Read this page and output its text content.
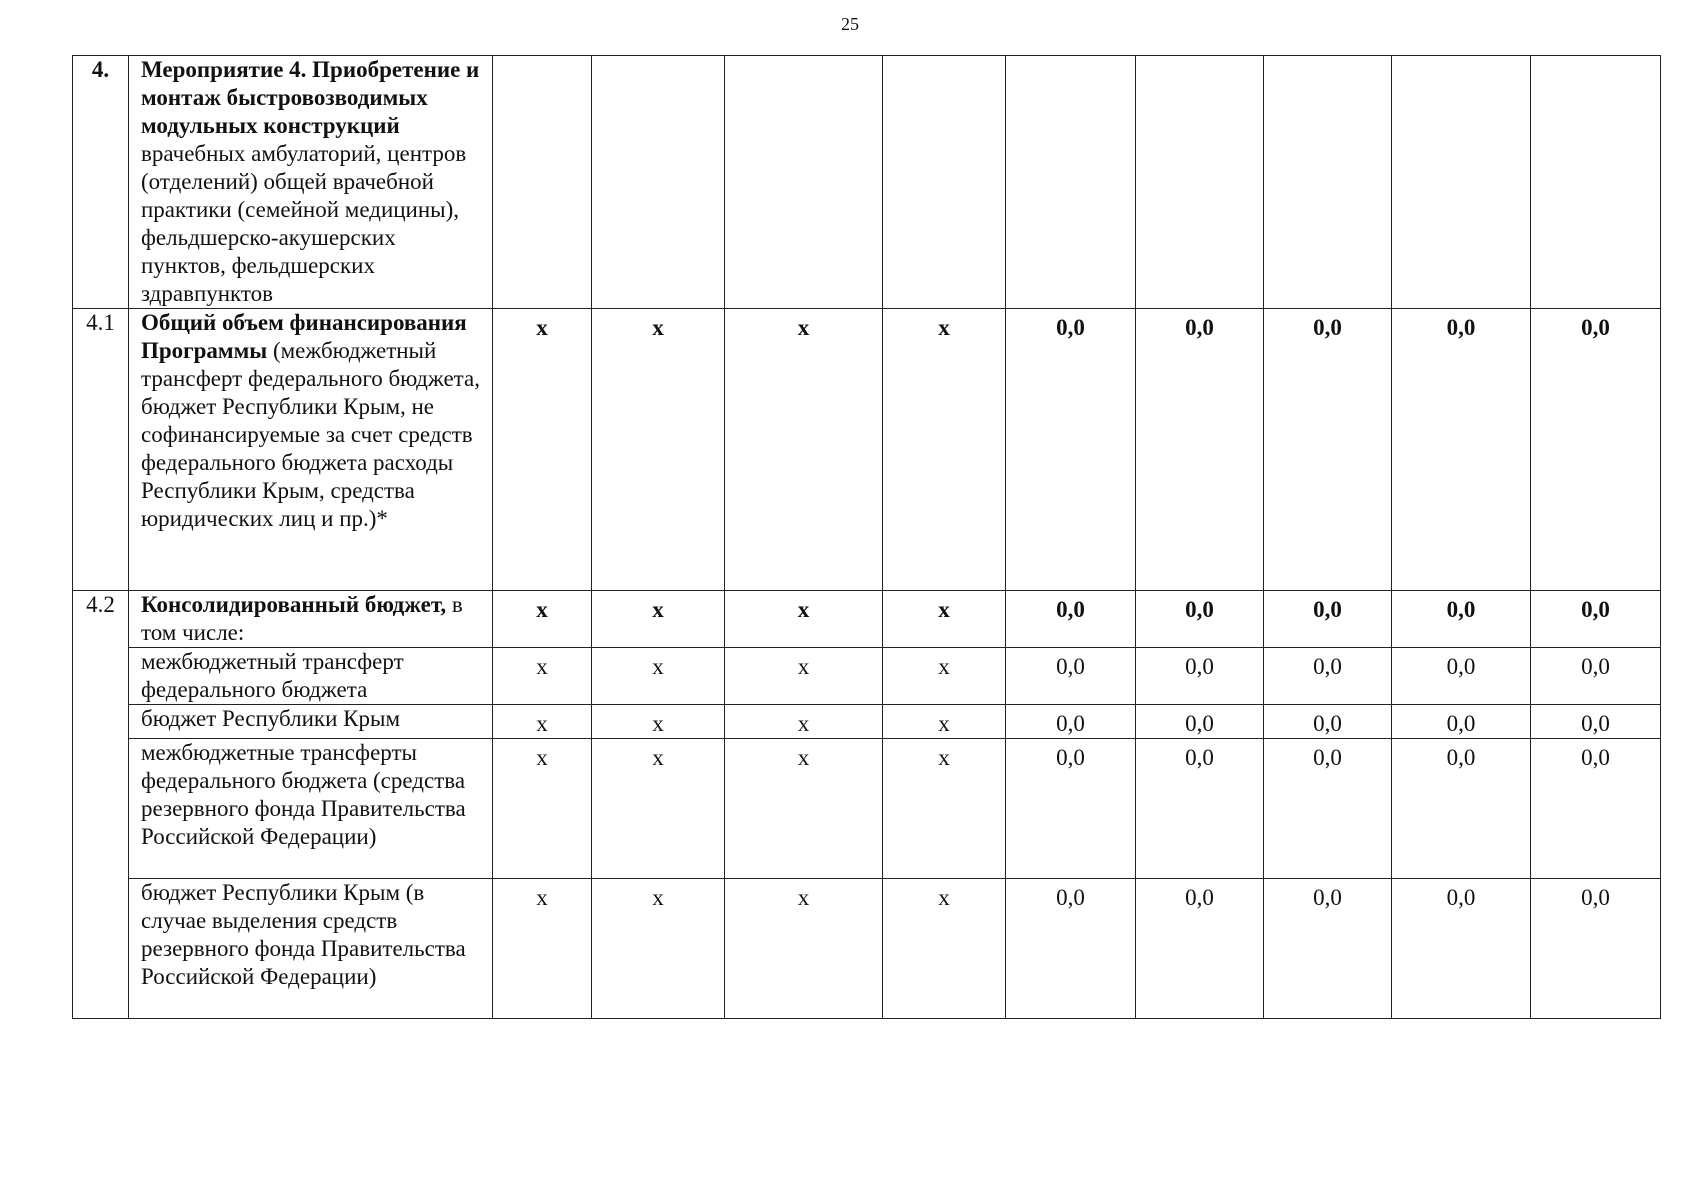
25
4.	Мероприятие 4. Приобретение и монтаж быстровозводимых модульных конструкций врачебных амбулаторий, центров (отделений) общей врачебной практики (семейной медицины), фельдшерско-акушерских пунктов, фельдшерских здравпунктов									
4.1	Общий объем финансирования Программы (межбюджетный трансферт федерального бюджета, бюджет Республики Крым, не софинансируемые за счет средств федерального бюджета расходы Республики Крым, средства юридических лиц и пр.)*	х	х	х	х	0,0	0,0	0,0	0,0	0,0
4.2	Консолидированный бюджет, в том числе:	х	х	х	х	0,0	0,0	0,0	0,0	0,0
	межбюджетный трансферт федерального бюджета	х	х	х	х	0,0	0,0	0,0	0,0	0,0
	бюджет Республики Крым	х	х	х	х	0,0	0,0	0,0	0,0	0,0
	межбюджетные трансферты федерального бюджета (средства резервного фонда Правительства Российской Федерации)	х	х	х	х	0,0	0,0	0,0	0,0	0,0
	бюджет Республики Крым (в случае выделения средств резервного фонда Правительства Российской Федерации)	х	х	х	х	0,0	0,0	0,0	0,0	0,0
